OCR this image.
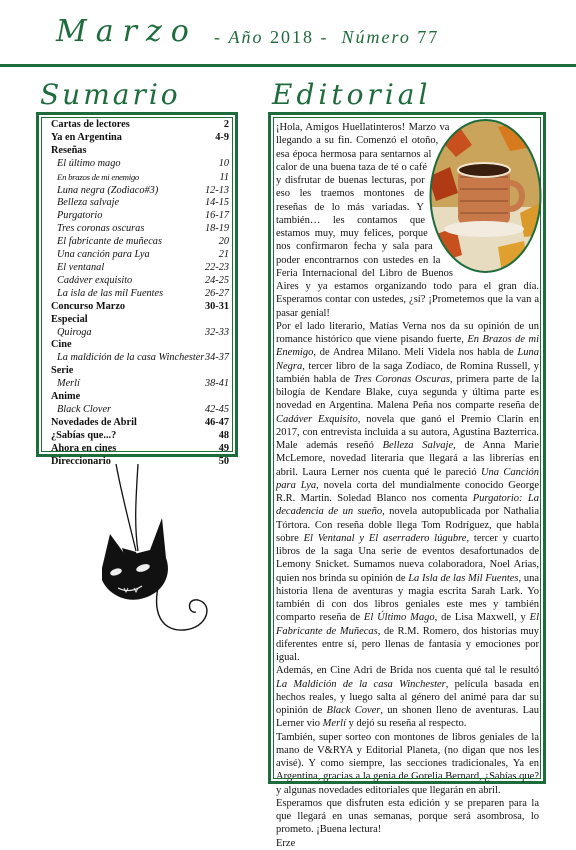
Marzo - Año 2018 -  Número 77
Sumario	Editorial
Cartas de lectores	2
Ya en Argentina	4-9
Reseñas
El último mago	10
En brazos de mi enemigo	11
Luna negra (Zodiaco#3)	12-13
Belleza salvaje	14-15
Purgatorio	16-17
Tres coronas oscuras	18-19
El fabricante de muñecas	20
Una canción para Lya	21
El ventanal	22-23
Cadáver exquisito	24-25
La isla de las mil Fuentes	26-27
Concurso Marzo	30-31
Especial
Quiroga	32-33
Cine
La maldición de la casa Winchester 34-37
Serie
Merlí	38-41
Anime
Black Clover	42-45
Novedades de Abril	46-47
¿Sabías que...?	48
Ahora en cines	49
Direccionario	50

¡Hola, Amigos Huellatinteros! Marzo va llegando a su fin. Comenzó el otoño, esa época hermosa para sentarnos al calor de una buena taza de té o café y disfrutar de buenas lecturas, por eso les traemos montones de reseñas de lo más variadas. Y también… les contamos que estamos muy, muy felices, porque nos confirmaron fecha y sala para poder encontrarnos con ustedes en la Feria Internacional del Libro de Buenos Aires y ya estamos organizando todo para el gran día. Esperamos contar con ustedes, ¿sí? ¡Prometemos que la van a pasar genial!

Por el lado literario, Matías Verna nos da su opinión de un romance histórico que viene pisando fuerte, En Brazos de mi Enemigo, de Andrea Milano. Meli Videla nos habla de Luna Negra, tercer libro de la saga Zodíaco, de Romina Russell, y también habla de Tres Coronas Oscuras, primera parte de la bilogía de Kendare Blake, cuya segunda y última parte es novedad en Argentina. Malena Peña nos comparte reseña de Cadáver Exquisito, novela que ganó el Premio Clarín en 2017, con entrevista incluida a su autora, Agustina Bazterrica. Male además reseñó Belleza Salvaje, de Anna Marie McLemore, novedad literaria que llegará a las librerías en abril. Laura Lerner nos cuenta qué le pareció Una Canción para Lya, novela corta del mundialmente conocido George R.R. Martin. Soledad Blanco nos comenta Purgatorio: La decadencia de un sueño, novela autopublicada por Nathalia Tórtora. Con reseña doble llega Tom Rodríguez, que habla sobre El Ventanal y El aserradero lúgubre, tercer y cuarto libros de la saga Una serie de eventos desafortunados de Lemony Snicket. Sumamos nueva colaboradora, Noel Arias, quien nos brinda su opinión de La Isla de las Mil Fuentes, una historia llena de aventuras y magia escrita Sarah Lark. Yo también di con dos libros geniales este mes y también comparto reseña de El Último Mago, de Lisa Maxwell, y El Fabricante de Muñecas, de R.M. Romero, dos historias muy diferentes entre sí, pero llenas de fantasía y emociones por igual.

Además, en Cine Adri de Brida nos cuenta qué tal le resultó La Maldición de la casa Winchester, película basada en hechos reales, y luego salta al género del animé para dar su opinión de Black Cover, un shonen lleno de aventuras. Lau Lerner vio Merlí y dejó su reseña al respecto.

También, super sorteo con montones de libros geniales de la mano de V&RYA y Editorial Planeta, (no digan que nos les avisé). Y como siempre, las secciones tradicionales, Ya en Argentina, gracias a la genia de Gorelia Bernard, ¿Sabías que? y algunas novedades editoriales que llegarán en abril.

Esperamos que disfruten esta edición y se preparen para la que llegará en unas semanas, porque será asombrosa, lo prometo. ¡Buena lectura!

Erze
